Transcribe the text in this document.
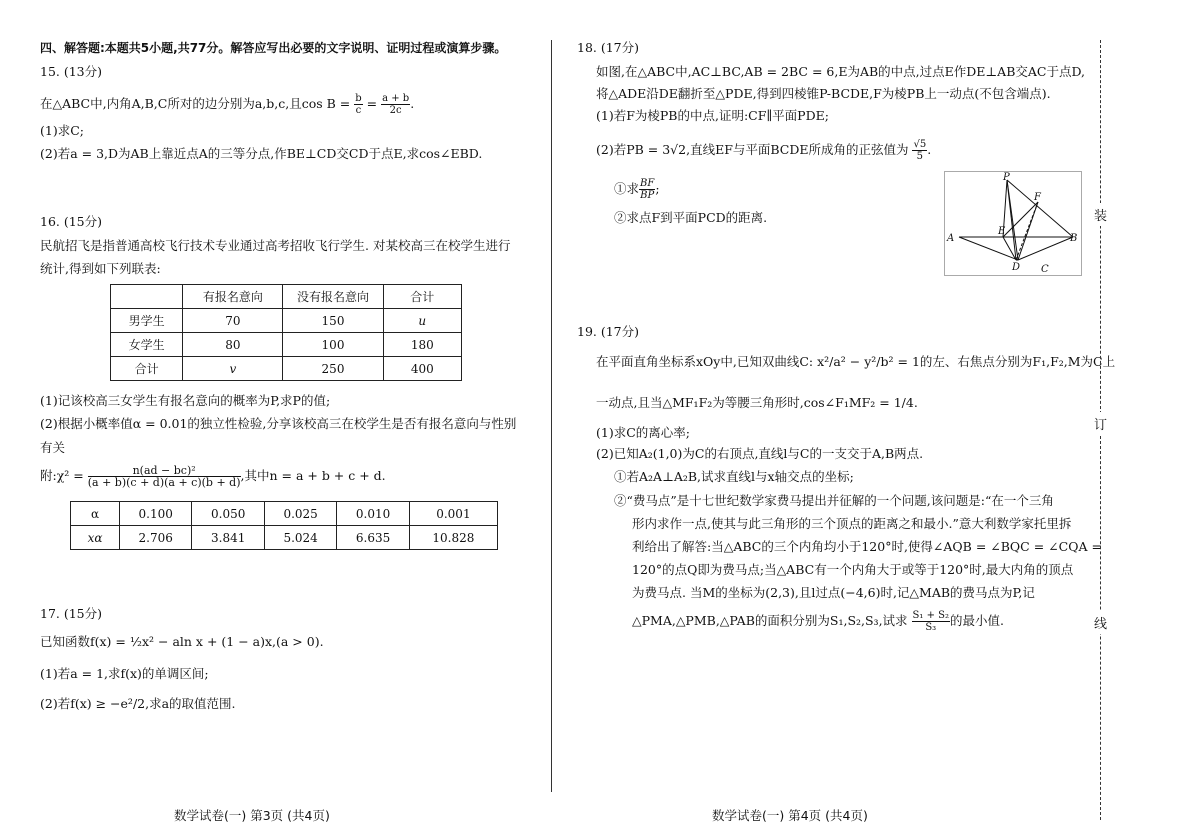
四、解答题:本题共5小题,共77分。解答应写出必要的文字说明、证明过程或演算步骤。
15. (13分)
在△ABC中,内角A,B,C所对的边分别为a,b,c,且$\cos B = \frac{b}{c} = \frac{a + b}{2c}$ .
(1)求C;
(2)若a = 3,D为AB上靠近点A的三等分点,作BE⊥CD交CD于点E,求cos∠EBD.
16. (15分)
民航招飞是指普通高校飞行技术专业通过高考招收飞行学生. 对某校高三在校学生进行
统计,得到如下列联表:
	有报名意向	没有报名意向	合计
男学生	70	150	u
女学生	80	100	180
合计	v	250	400
(1)记该校高三女学生有报名意向的概率为P,求P的值;
(2)根据小概率值α = 0.01的独立性检验,分享该校高三在校学生是否有报名意向与性别
有关
附:χ² = $\frac{\text{n(ad − bc)²}}{(a + b)(c + d)(a + c)(b + d)}$ ,其中n = a + b + c + d.
α	0.100	0.050	0.025	0.010	0.001
xα	2.706	3.841	5.024	6.635	10.828
17. (15分)
已知函数f(x) = ½x² − aln x + (1 − a)x,(a > 0).
(1)若a = 1,求f(x)的单调区间;
(2)若f(x) ≥ −e²/2,求a的取值范围.
数学试卷(一) 第3页 (共4页)
18. (17分)
如图,在△ABC中,AC⊥BC,AB = 2BC = 6,E为AB的中点,过点E作DE⊥AB交AC于点D,
将△ADE沿DE翻折至△PDE,得到四棱锥P-BCDE,F为棱PB上一动点(不包含端点).
(1)若F为棱PB的中点,证明:CF∥平面PDE;
(2)若PB = 3√2,直线EF与平面BCDE所成角的正弦值为 $\frac{√5}{5}$ .
①求 $\frac{BF}{BP}$ ;
②求点F到平面PCD的距离.
P
F
A
E
B
D C
19. (17分)
在平面直角坐标系xOy中,已知双曲线C: x²/a² − y²/b² = 1的左、右焦点分别为F₁,F₂,M为C上
一动点,且当△MF₁F₂为等腰三角形时,cos∠F₁MF₂ = 1/4.
(1)求C的离心率;
(2)已知A₂(1,0)为C的右顶点,直线l与C的一支交于A,B两点.
①若A₂A⊥A₂B,试求直线l与x轴交点的坐标;
②“费马点”是十七世纪数学家费马提出并征解的一个问题,该问题是:“在一个三角
形内求作一点,使其与此三角形的三个顶点的距离之和最小.”意大利数学家托里拆
利给出了解答:当△ABC的三个内角均小于120°时,使得∠AQB = ∠BQC = ∠CQA =
120°的点Q即为费马点;当△ABC有一个内角大于或等于120°时,最大内角的顶点
为费马点. 当M的坐标为(2,3),且l过点(−4,6)时,记△MAB的费马点为P,记
△PMA,△PMB,△PAB的面积分别为S₁,S₂,S₃,试求 $\frac{\text{S₁ + S₂}}{\text{S₃}}$ 的最小值.
数学试卷(一) 第4页 (共4页)
装
订
线
